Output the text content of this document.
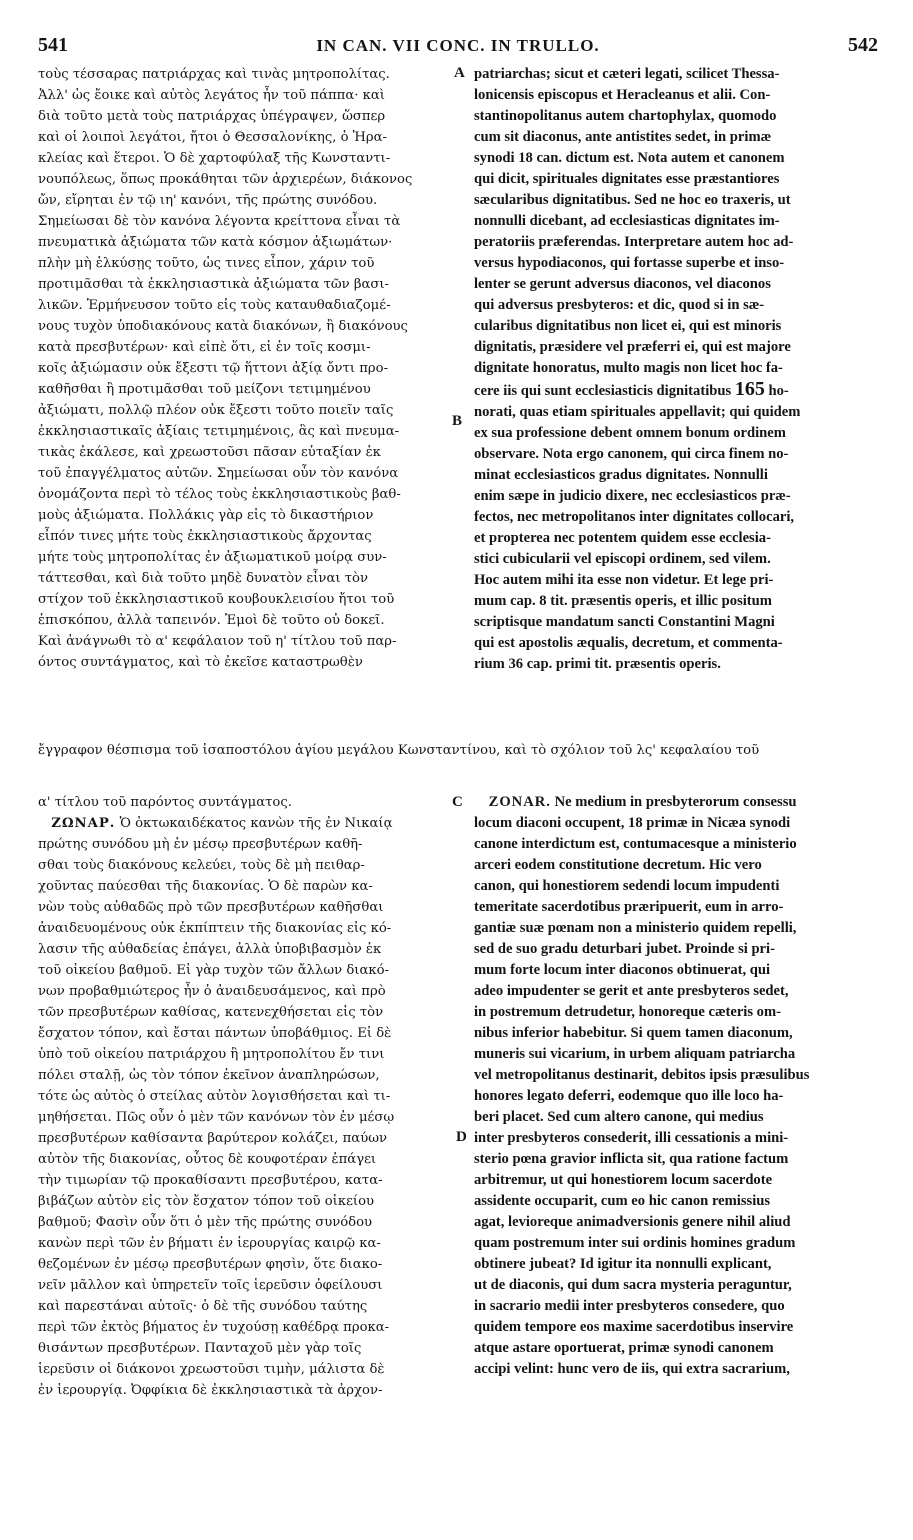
541	IN CAN. VII CONC. IN TRULLO.	542
A
B
C
D
τοὺς τέσσαρας πατριάρχας καὶ τινὰς μητροπολίτας.
Ἀλλ' ὡς ἔοικε καὶ αὐτὸς λεγάτος ἦν τοῦ πάππα· καὶ
διὰ τοῦτο μετὰ τοὺς πατριάρχας ὑπέγραψεν, ὥσπερ
καὶ οἱ λοιποὶ λεγάτοι, ἤτοι ὁ Θεσσαλονίκης, ὁ Ἡρα-
κλείας καὶ ἕτεροι. Ὁ δὲ χαρτοφύλαξ τῆς Κωνσταντι-
νουπόλεως, ὅπως προκάθηται τῶν ἀρχιερέων, διάκονος
ὤν, εἴρηται ἐν τῷ ιη' κανόνι, τῆς πρώτης συνόδου.
Σημείωσαι δὲ τὸν κανόνα λέγοντα κρείττονα εἶναι τὰ
πνευματικὰ ἀξιώματα τῶν κατὰ κόσμον ἀξιωμάτων·
πλὴν μὴ ἑλκύσῃς τοῦτο, ὡς τινες εἶπον, χάριν τοῦ
προτιμᾶσθαι τὰ ἐκκλησιαστικὰ ἀξιώματα τῶν βασι-
λικῶν. Ἑρμήνευσον τοῦτο εἰς τοὺς καταυθαδιαζομέ-
νους τυχὸν ὑποδιακόνους κατὰ διακόνων, ἢ διακόνους
κατὰ πρεσβυτέρων· καὶ εἰπὲ ὅτι, εἰ ἐν τοῖς κοσμι-
κοῖς ἀξιώμασιν οὐκ ἔξεστι τῷ ἥττονι ἀξίᾳ ὄντι προ-
καθῆσθαι ἢ προτιμᾶσθαι τοῦ μείζονι τετιμημένου
ἀξιώματι, πολλῷ πλέον οὐκ ἔξεστι τοῦτο ποιεῖν ταῖς
ἐκκλησιαστικαῖς ἀξίαις τετιμημένοις, ἃς καὶ πνευμα-
τικὰς ἐκάλεσε, καὶ χρεωστοῦσι πᾶσαν εὐταξίαν ἐκ
τοῦ ἐπαγγέλματος αὐτῶν. Σημείωσαι οὖν τὸν κανόνα
ὀνομάζοντα περὶ τὸ τέλος τοὺς ἐκκλησιαστικοὺς βαθ-
μοὺς ἀξιώματα. Πολλάκις γὰρ εἰς τὸ δικαστήριον
εἶπόν τινες μήτε τοὺς ἐκκλησιαστικοὺς ἄρχοντας
μήτε τοὺς μητροπολίτας ἐν ἀξιωματικοῦ μοίρᾳ συν-
τάττεσθαι, καὶ διὰ τοῦτο μηδὲ δυνατὸν εἶναι τὸν
στίχον τοῦ ἐκκλησιαστικοῦ κουβουκλεισίου ἤτοι τοῦ
ἐπισκόπου, ἀλλὰ ταπεινόν. Ἐμοὶ δὲ τοῦτο οὐ δοκεῖ.
Καὶ ἀνάγνωθι τὸ α' κεφάλαιον τοῦ η' τίτλου τοῦ παρ-
όντος συντάγματος, καὶ τὸ ἐκεῖσε καταστρωθὲν
patriarchas; sicut et cæteri legati, scilicet Thessa-
lonicensis episcopus et Heracleanus et alii. Con-
stantinopolitanus autem chartophylax, quomodo
cum sit diaconus, ante antistites sedet, in primæ
synodi 18 can. dictum est. Nota autem et canonem
qui dicit, spirituales dignitates esse præstantiores
sæcularibus dignitatibus. Sed ne hoc eo traxeris, ut
nonnulli dicebant, ad ecclesiasticas dignitates im-
peratoriis præferendas. Interpretare autem hoc ad-
versus hypodiaconos, qui fortasse superbe et inso-
lenter se gerunt adversus diaconos, vel diaconos
qui adversus presbyteros: et dic, quod si in sæ-
cularibus dignitatibus non licet ei, qui est minoris
dignitatis, præsidere vel præferri ei, qui est majore
dignitate honoratus, multo magis non licet hoc fa-
cere iis qui sunt ecclesiasticis dignitatibus 165 ho-
norati, quas etiam spirituales appellavit; qui quidem
ex sua professione debent omnem bonum ordinem
observare. Nota ergo canonem, qui circa finem no-
minat ecclesiasticos gradus dignitates. Nonnulli
enim sæpe in judicio dixere, nec ecclesiasticos præ-
fectos, nec metropolitanos inter dignitates collocari,
et propterea nec potentem quidem esse ecclesia-
stici cubicularii vel episcopi ordinem, sed vilem.
Hoc autem mihi ita esse non videtur. Et lege pri-
mum cap. 8 tit. præsentis operis, et illic positum
scriptisque mandatum sancti Constantini Magni
qui est apostolis æqualis, decretum, et commenta-
rium 36 cap. primi tit. præsentis operis.
ἔγγραφον θέσπισμα τοῦ ἰσαποστόλου ἁγίου μεγάλου Κωνσταντίνου, καὶ τὸ σχόλιον τοῦ λς' κεφαλαίου τοῦ
α' τίτλου τοῦ παρόντος συντάγματος.
 ΖΩΝΑΡ. Ὁ ὀκτωκαιδέκατος κανὼν τῆς ἐν Νικαίᾳ
πρώτης συνόδου μὴ ἐν μέσῳ πρεσβυτέρων καθῆ-
σθαι τοὺς διακόνους κελεύει, τοὺς δὲ μὴ πειθαρ-
χοῦντας παύεσθαι τῆς διακονίας. Ὁ δὲ παρὼν κα-
νὼν τοὺς αὐθαδῶς πρὸ τῶν πρεσβυτέρων καθῆσθαι
ἀναιδευομένους οὐκ ἐκπίπτειν τῆς διακονίας εἰς κό-
λασιν τῆς αὐθαδείας ἐπάγει, ἀλλὰ ὑποβιβασμὸν ἐκ
τοῦ οἰκείου βαθμοῦ. Εἰ γὰρ τυχὸν τῶν ἄλλων διακό-
νων προβαθμιώτερος ἦν ὁ ἀναιδευσάμενος, καὶ πρὸ
τῶν πρεσβυτέρων καθίσας, κατενεχθήσεται εἰς τὸν
ἔσχατον τόπον, καὶ ἔσται πάντων ὑποβάθμιος. Εἰ δὲ
ὑπὸ τοῦ οἰκείου πατριάρχου ἢ μητροπολίτου ἔν τινι
πόλει σταλῇ, ὡς τὸν τόπον ἐκεῖνον ἀναπληρώσων,
τότε ὡς αὐτὸς ὁ στείλας αὐτὸν λογισθήσεται καὶ τι-
μηθήσεται. Πῶς οὖν ὁ μὲν τῶν κανόνων τὸν ἐν μέσῳ
πρεσβυτέρων καθίσαντα βαρύτερον κολάζει, παύων
αὐτὸν τῆς διακονίας, οὗτος δὲ κουφοτέραν ἐπάγει
τὴν τιμωρίαν τῷ προκαθίσαντι πρεσβυτέρου, κατα-
βιβάζων αὐτὸν εἰς τὸν ἔσχατον τόπον τοῦ οἰκείου
βαθμοῦ; Φασὶν οὖν ὅτι ὁ μὲν τῆς πρώτης συνόδου
κανὼν περὶ τῶν ἐν βήματι ἐν ἱερουργίας καιρῷ κα-
θεζομένων ἐν μέσῳ πρεσβυτέρων φησὶν, ὅτε διακο-
νεῖν μᾶλλον καὶ ὑπηρετεῖν τοῖς ἱερεῦσιν ὀφείλουσι
καὶ παρεστάναι αὐτοῖς· ὁ δὲ τῆς συνόδου ταύτης
περὶ τῶν ἐκτὸς βήματος ἐν τυχούσῃ καθέδρᾳ προκα-
θισάντων πρεσβυτέρων. Πανταχοῦ μὲν γὰρ τοῖς
ἱερεῦσιν οἱ διάκονοι χρεωστοῦσι τιμὴν, μάλιστα δὲ
ἐν ἱερουργίᾳ. Ὀφφίκια δὲ ἐκκλησιαστικὰ τὰ ἀρχον-
 ZONAR. Ne medium in presbyterorum consessu
locum diaconi occupent, 18 primæ in Nicæa synodi
canone interdictum est, contumacesque a ministerio
arceri eodem constitutione decretum. Hic vero
canon, qui honestiorem sedendi locum impudenti
temeritate sacerdotibus præripuerit, eum in arro-
gantiæ suæ pœnam non a ministerio quidem repelli,
sed de suo gradu deturbari jubet. Proinde si pri-
mum forte locum inter diaconos obtinuerat, qui
adeo impudenter se gerit et ante presbyteros sedet,
in postremum detrudetur, honoreque cæteris om-
nibus inferior habebitur. Si quem tamen diaconum,
muneris sui vicarium, in urbem aliquam patriarcha
vel metropolitanus destinarit, debitos ipsis præsulibus
honores legato deferri, eodemque quo ille loco ha-
beri placet. Sed cum altero canone, qui medius
inter presbyteros consederit, illi cessationis a mini-
sterio pœna gravior inflicta sit, qua ratione factum
arbitremur, ut qui honestiorem locum sacerdote
assidente occuparit, cum eo hic canon remissius
agat, levioreque animadversionis genere nihil aliud
quam postremum inter sui ordinis homines gradum
obtinere jubeat? Id igitur ita nonnulli explicant,
ut de diaconis, qui dum sacra mysteria peraguntur,
in sacrario medii inter presbyteros consedere, quo
quidem tempore eos maxime sacerdotibus inservire
atque astare oportuerat, primæ synodi canonem
accipi velint: hunc vero de iis, qui extra sacrarium,
